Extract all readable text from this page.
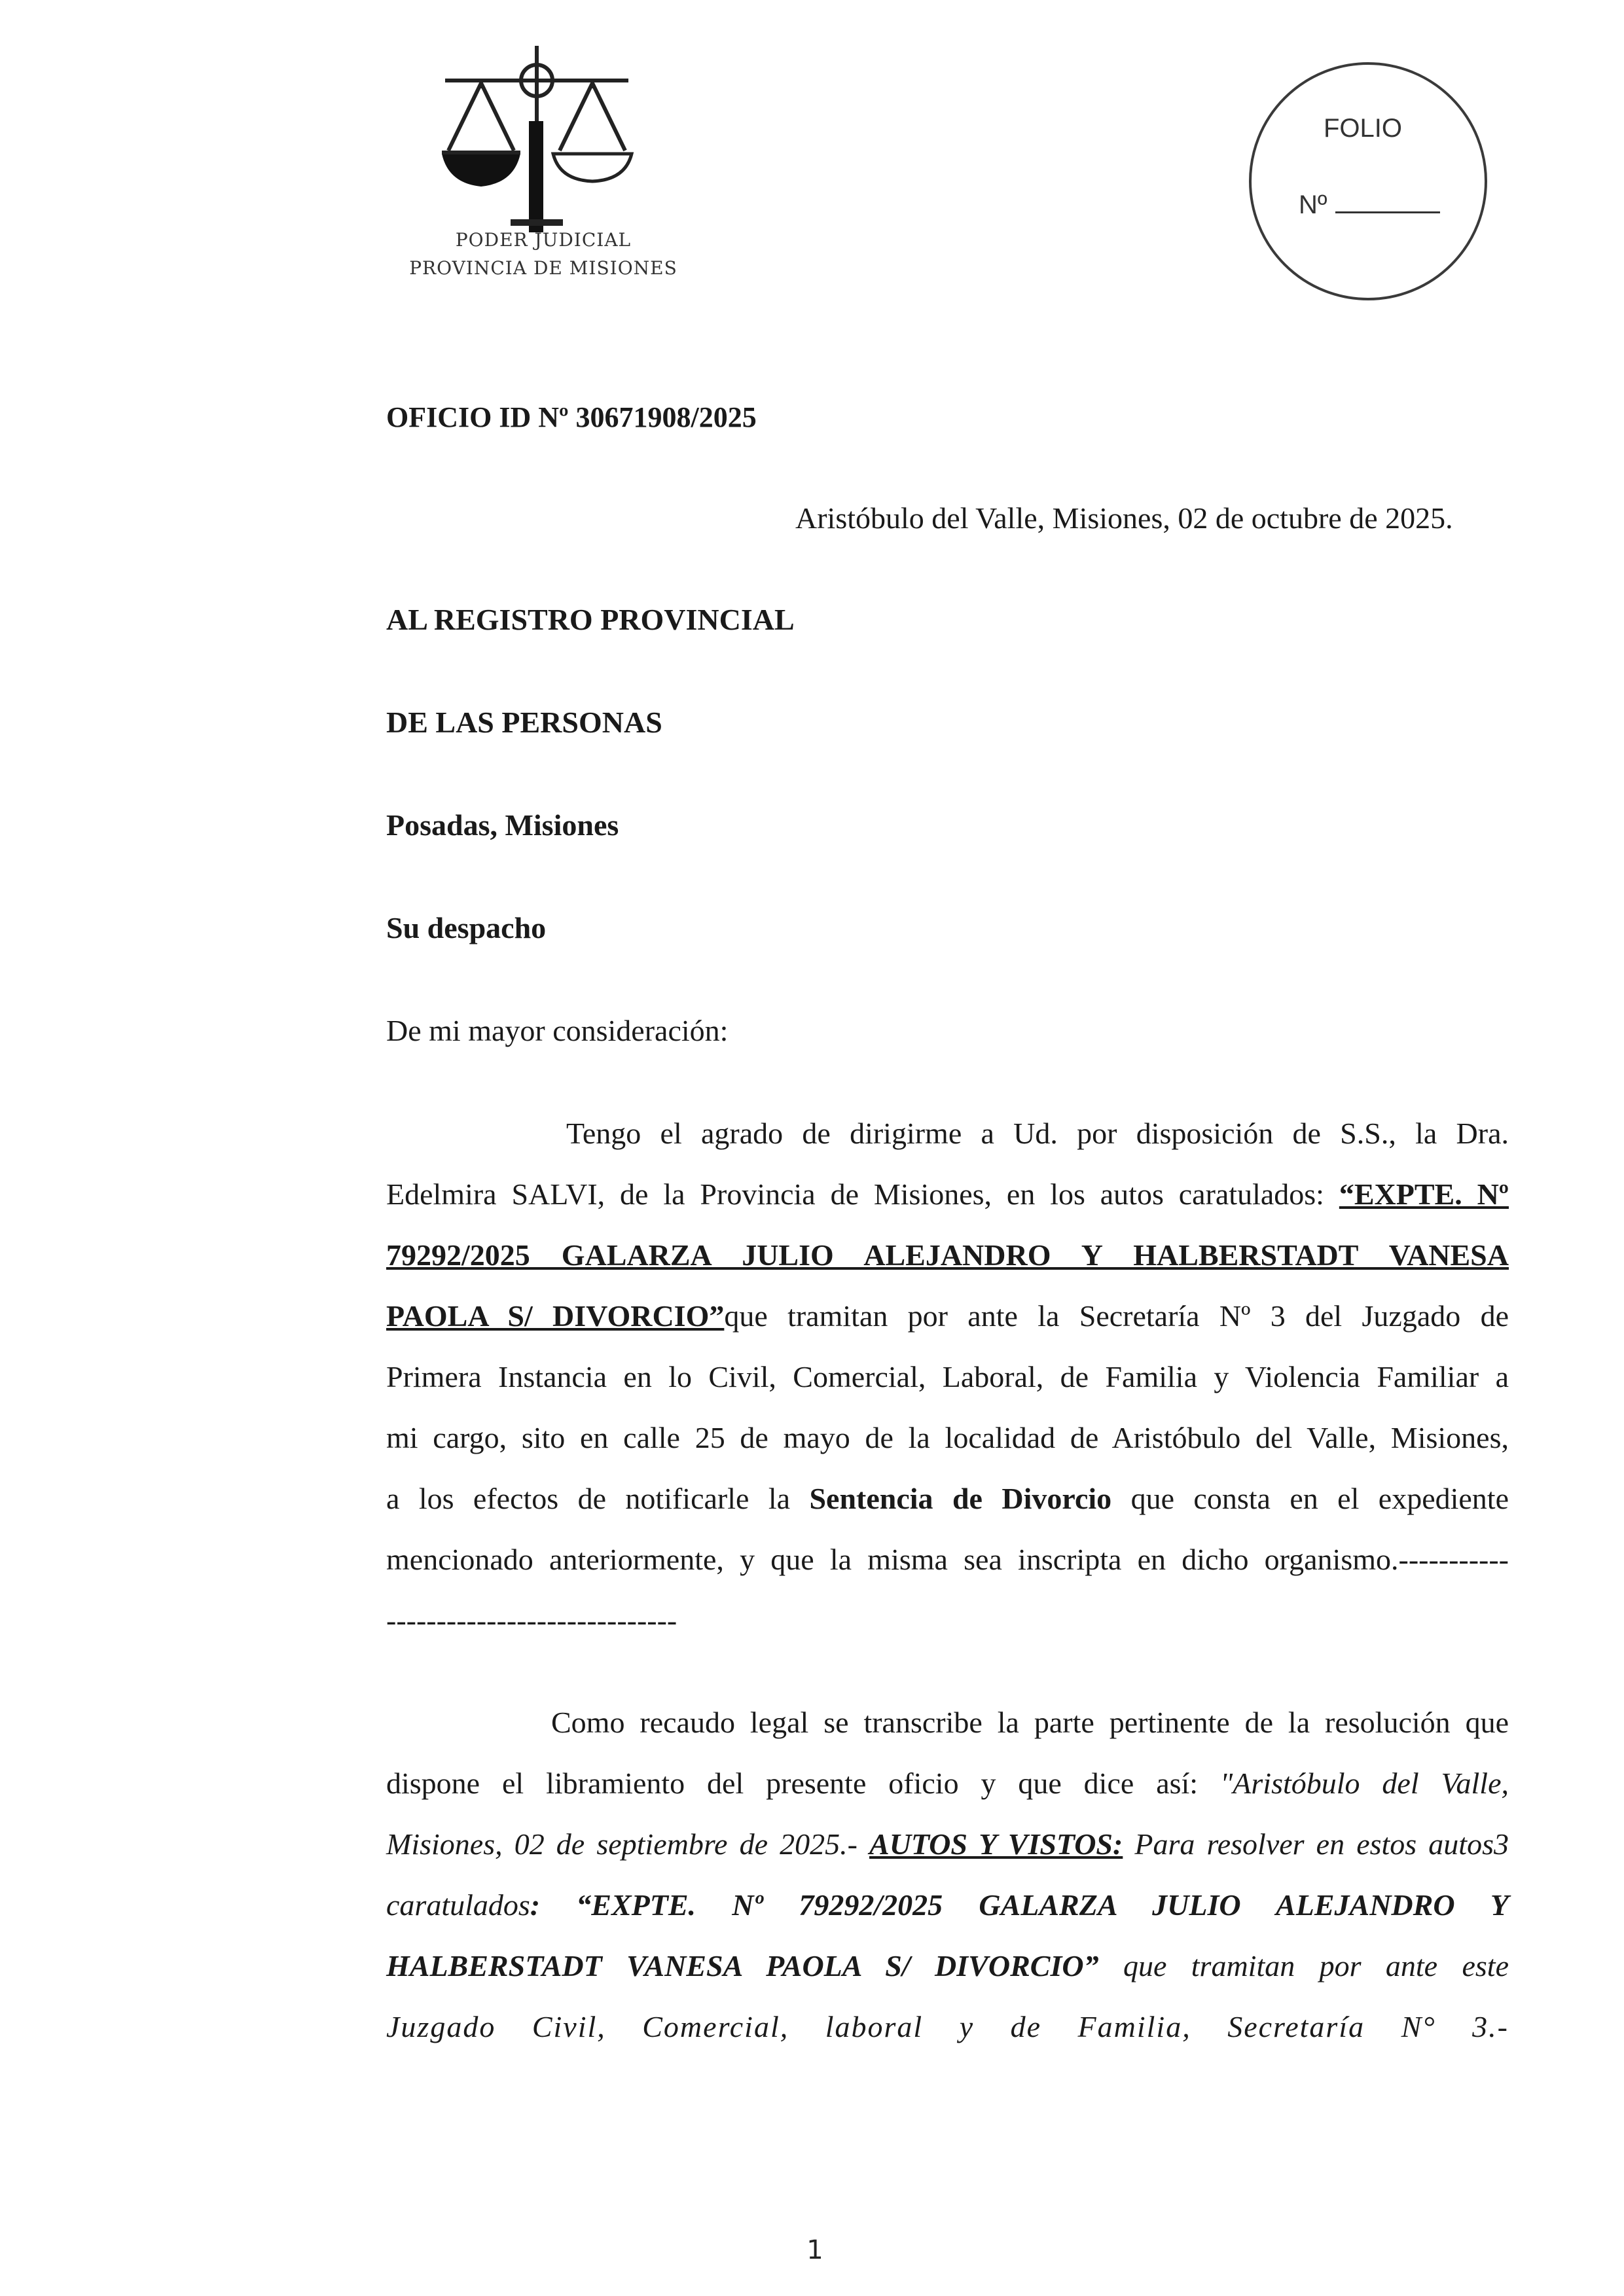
PODER JUDICIAL
PROVINCIA DE MISIONES
FOLIO
Nº
OFICIO ID Nº 30671908/2025
Aristóbulo del Valle, Misiones, 02 de octubre de 2025.
AL REGISTRO PROVINCIAL
DE LAS PERSONAS
Posadas, Misiones
Su despacho
De mi mayor consideración:
Tengo el agrado de dirigirme a Ud. por disposición de S.S., la Dra.
Edelmira SALVI, de la Provincia de Misiones, en los autos caratulados: “EXPTE. Nº
79292/2025 GALARZA JULIO ALEJANDRO Y HALBERSTADT VANESA
PAOLA S/ DIVORCIO”que tramitan por ante la Secretaría Nº 3 del Juzgado de
Primera Instancia en lo Civil, Comercial, Laboral, de Familia y Violencia Familiar a
mi cargo, sito en calle 25 de mayo de la localidad de Aristóbulo del Valle, Misiones,
a los efectos de notificarle la Sentencia de Divorcio que consta en el expediente
mencionado anteriormente, y que la misma sea inscripta en dicho organismo.-----------
-----------------------------
Como recaudo legal se transcribe la parte pertinente de la resolución que
dispone el libramiento del presente oficio y que dice así: "Aristóbulo del Valle,
Misiones, 02 de septiembre de 2025.- AUTOS Y VISTOS: Para resolver en estos autos3
caratulados: “EXPTE. Nº 79292/2025 GALARZA JULIO ALEJANDRO Y
HALBERSTADT VANESA PAOLA S/ DIVORCIO” que tramitan por ante este
Juzgado Civil, Comercial, laboral y de Familia, Secretaría N° 3.-
1
